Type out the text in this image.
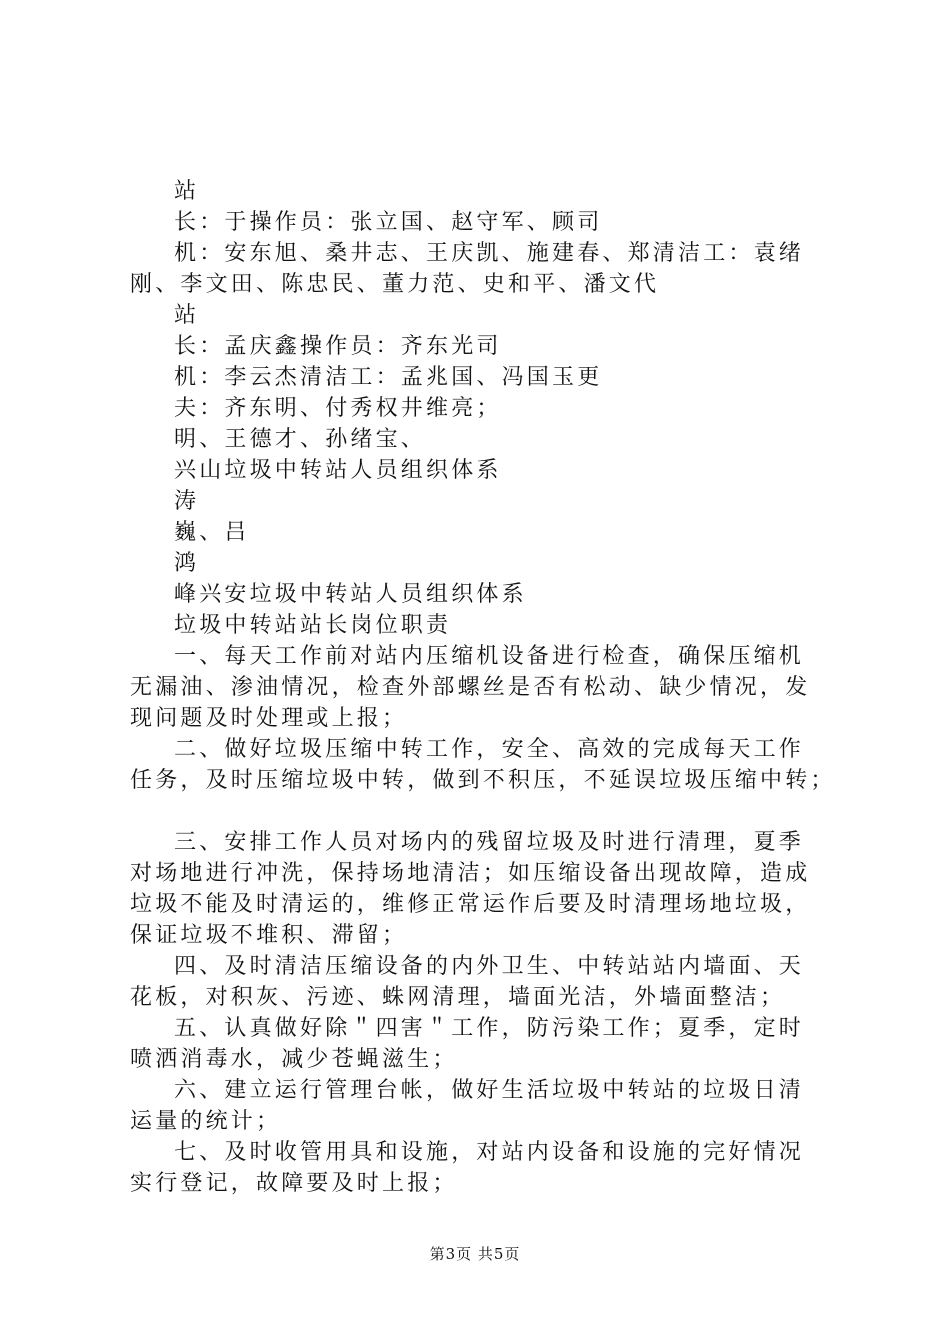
站
长：于操作员：张立国、赵守军、顾司
机：安东旭、桑井志、王庆凯、施建春、郑清洁工：袁绪
刚、李文田、陈忠民、董力范、史和平、潘文代
站
长：孟庆鑫操作员：齐东光司
机：李云杰清洁工：孟兆国、冯国玉更
夫：齐东明、付秀权井维亮；
明、王德才、孙绪宝、
兴山垃圾中转站人员组织体系
涛
巍、吕
鸿
峰兴安垃圾中转站人员组织体系
垃圾中转站站长岗位职责
一、每天工作前对站内压缩机设备进行检查，确保压缩机
无漏油、渗油情况，检查外部螺丝是否有松动、缺少情况，发
现问题及时处理或上报；
二、做好垃圾压缩中转工作，安全、高效的完成每天工作
任务，及时压缩垃圾中转，做到不积压，不延误垃圾压缩中转；
三、安排工作人员对场内的残留垃圾及时进行清理，夏季
对场地进行冲洗，保持场地清洁；如压缩设备出现故障，造成
垃圾不能及时清运的，维修正常运作后要及时清理场地垃圾，
保证垃圾不堆积、滞留；
四、及时清洁压缩设备的内外卫生、中转站站内墙面、天
花板，对积灰、污迹、蛛网清理，墙面光洁，外墙面整洁；
五、认真做好除＂四害＂工作，防污染工作；夏季，定时
喷洒消毒水，减少苍蝇滋生；
六、建立运行管理台帐，做好生活垃圾中转站的垃圾日清
运量的统计；
七、及时收管用具和设施，对站内设备和设施的完好情况
实行登记，故障要及时上报；
第3页 共5页
